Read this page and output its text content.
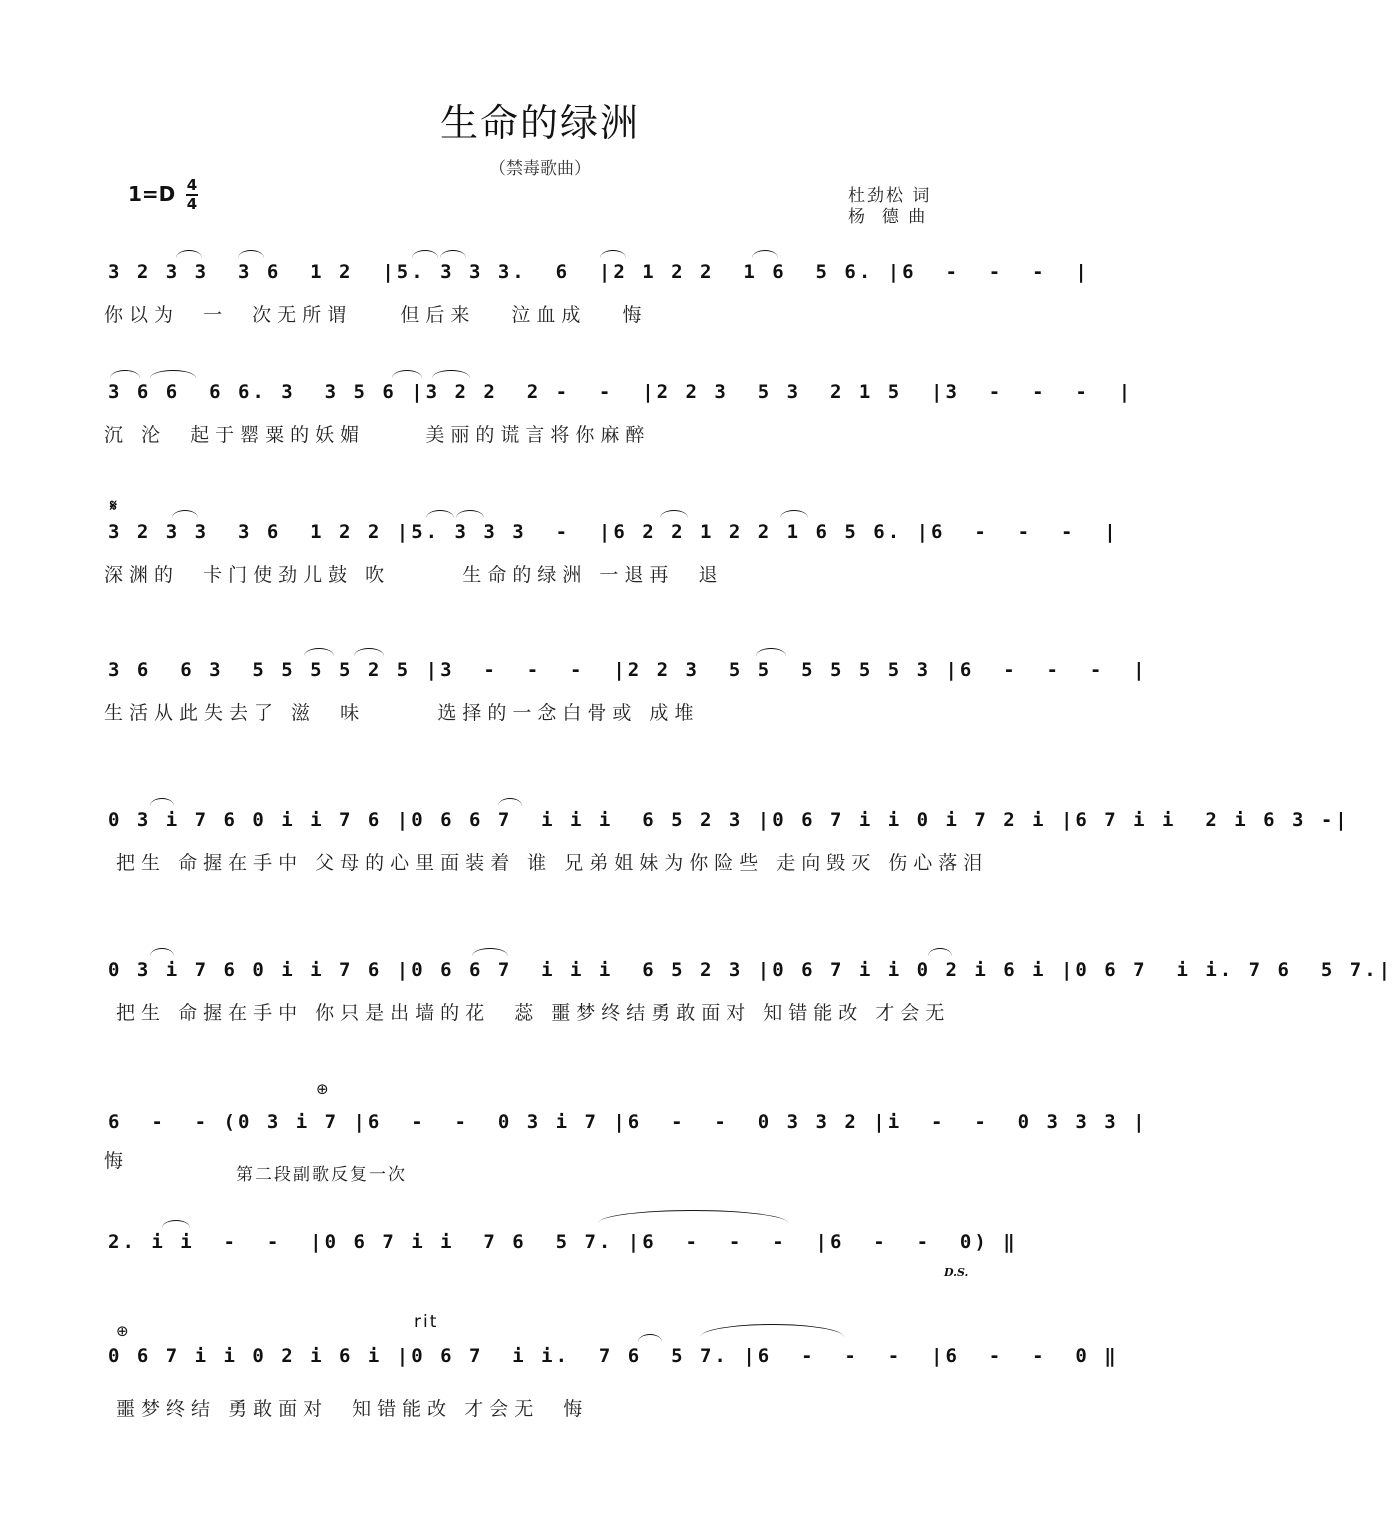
生命的绿洲
（禁毒歌曲）
1=D 4
4	杜劲松 词
杨  德 曲
3 2 3 3  3 6  1 2  |5. 3 3 3.  6  |2 1 2 2  1 6  5 6. |6  -  -  -  |
你以为  一  次无所谓    但后来   泣血成   悔
3 6 6  6 6. 3  3 5 6 |3 2 2  2 -  -  |2 2 3  5 3  2 1 5  |3  -  -  -  |
沉 沦  起于罂粟的妖媚     美丽的谎言将你麻醉
𝄋
3 2 3 3  3 6  1 2 2 |5. 3 3 3  -  |6 2 2 1 2 2 1 6 5 6. |6  -  -  -  |
深渊的  卡门使劲儿鼓 吹      生命的绿洲 一退再  退
3 6  6 3  5 5 5 5 2 5 |3  -  -  -  |2 2 3  5 5  5 5 5 5 3 |6  -  -  -  |
生活从此失去了 滋  味      选择的一念白骨或 成堆
0 3 i 7 6 0 i i 7 6 |0 6 6 7  i i i  6 5 2 3 |0 6 7 i i 0 i 7 2 i |6 7 i i  2 i 6 3 -|
把生 命握在手中 父母的心里面装着 谁 兄弟姐妹为你险些 走向毁灭 伤心落泪
0 3 i 7 6 0 i i 7 6 |0 6 6 7  i i i  6 5 2 3 |0 6 7 i i 0 2 i 6 i |0 6 7  i i. 7 6  5 7.|
把生 命握在手中 你只是出墙的花  蕊 噩梦终结勇敢面对 知错能改 才会无
⊕
6  -  - (0 3 i 7 |6  -  -  0 3 i 7 |6  -  -  0 3 3 2 |i  -  -  0 3 3 3 |
悔
第二段副歌反复一次
2. i i  -  -  |0 6 7 i i  7 6  5 7. |6  -  -  -  |6  -  -  0) ‖
D.S.
rit
⊕
0 6 7 i i 0 2 i 6 i |0 6 7  i i.  7 6  5 7. |6  -  -  -  |6  -  -  0 ‖
噩梦终结 勇敢面对  知错能改 才会无  悔
